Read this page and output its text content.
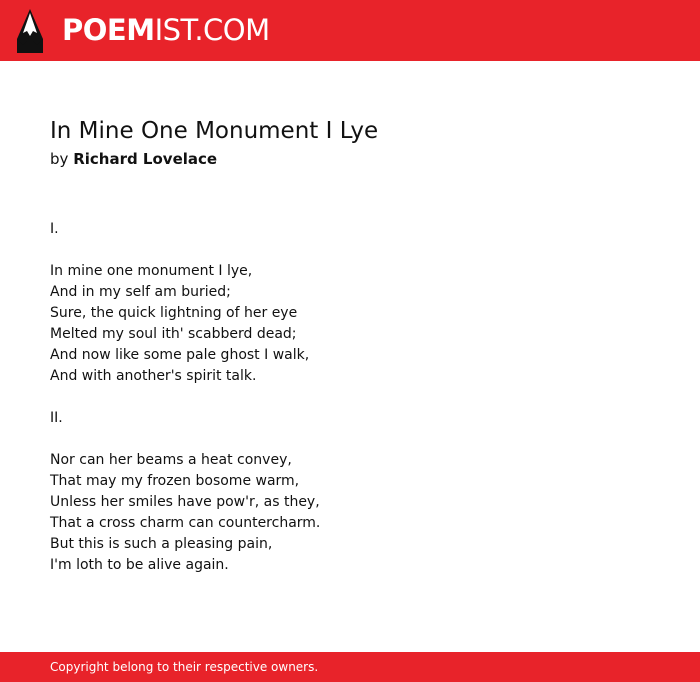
POEMIST.COM
In Mine One Monument I Lye
by Richard Lovelace
I.
In mine one monument I lye,
And in my self am buried;
Sure, the quick lightning of her eye
Melted my soul ith' scabberd dead;
And now like some pale ghost I walk,
And with another's spirit talk.
II.
Nor can her beams a heat convey,
That may my frozen bosome warm,
Unless her smiles have pow'r, as they,
That a cross charm can countercharm.
But this is such a pleasing pain,
I'm loth to be alive again.
Copyright belong to their respective owners.
